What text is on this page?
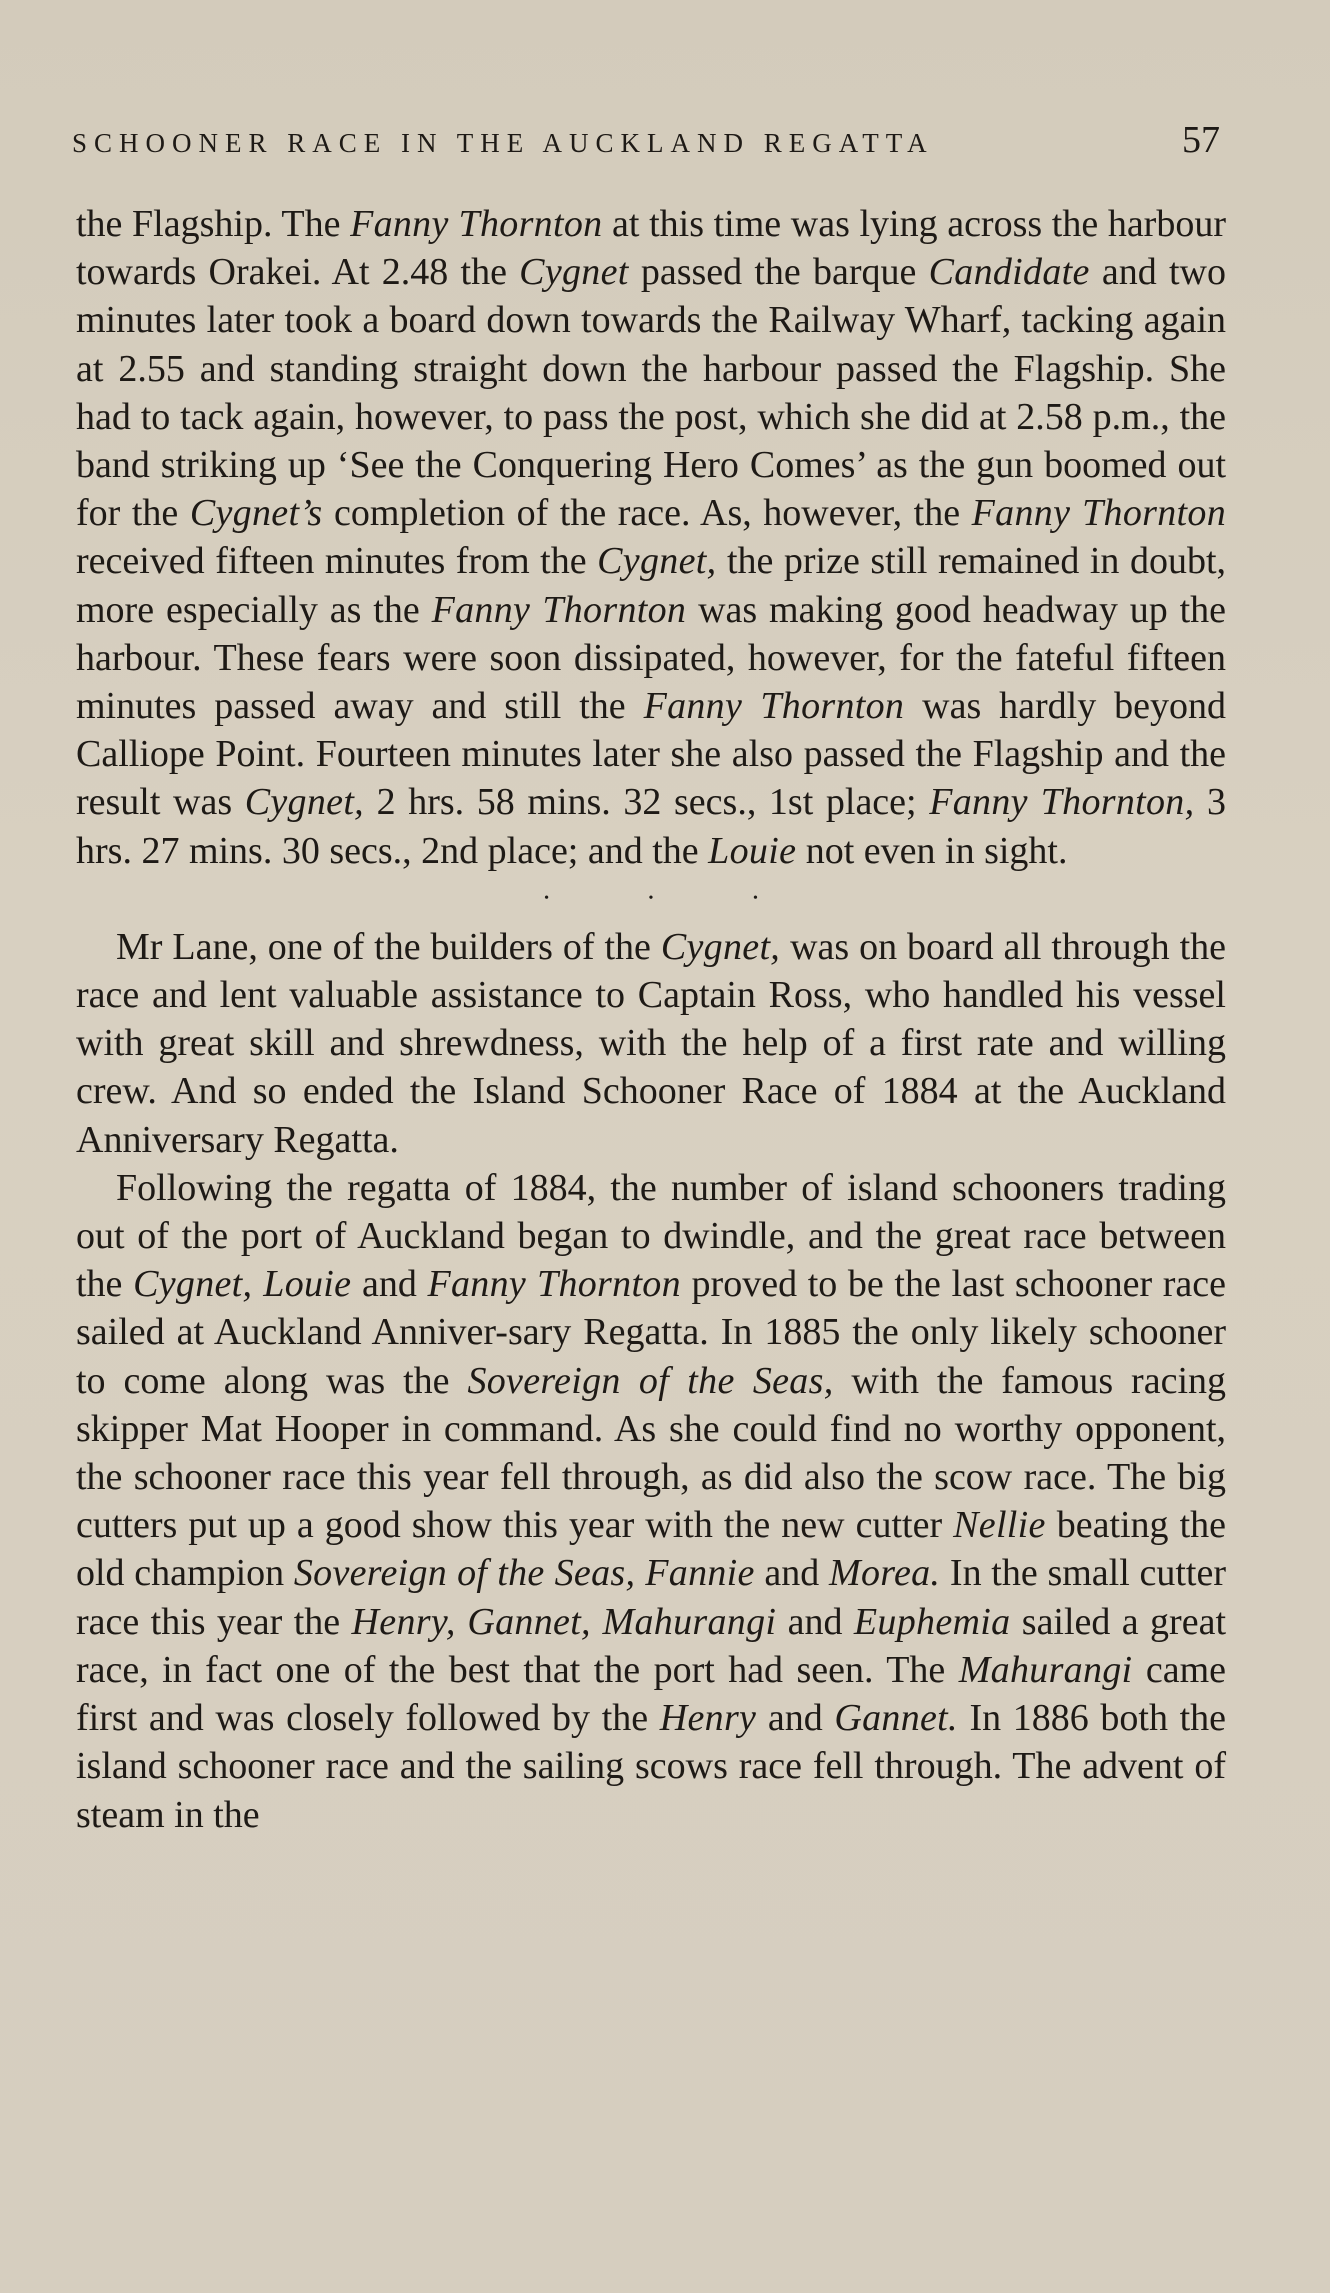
SCHOONER RACE IN THE AUCKLAND REGATTA	57

the Flagship. The Fanny Thornton at this time was lying across the harbour towards Orakei. At 2.48 the Cygnet passed the barque Candidate and two minutes later took a board down towards the Railway Wharf, tacking again at 2.55 and standing straight down the harbour passed the Flagship. She had to tack again, however, to pass the post, which she did at 2.58 p.m., the band striking up ‘See the Conquering Hero Comes’ as the gun boomed out for the Cygnet’s completion of the race. As, however, the Fanny Thornton received fifteen minutes from the Cygnet, the prize still remained in doubt, more especially as the Fanny Thornton was making good headway up the harbour. These fears were soon dissipated, however, for the fateful fifteen minutes passed away and still the Fanny Thornton was hardly beyond Calliope Point. Fourteen minutes later she also passed the Flagship and the result was Cygnet, 2 hrs. 58 mins. 32 secs., 1st place; Fanny Thornton, 3 hrs. 27 mins. 30 secs., 2nd place; and the Louie not even in sight.

• • •

Mr Lane, one of the builders of the Cygnet, was on board all through the race and lent valuable assistance to Captain Ross, who handled his vessel with great skill and shrewdness, with the help of a first rate and willing crew. And so ended the Island Schooner Race of 1884 at the Auckland Anniversary Regatta.

Following the regatta of 1884, the number of island schooners trading out of the port of Auckland began to dwindle, and the great race between the Cygnet, Louie and Fanny Thornton proved to be the last schooner race sailed at Auckland Anniver-sary Regatta. In 1885 the only likely schooner to come along was the Sovereign of the Seas, with the famous racing skipper Mat Hooper in command. As she could find no worthy opponent, the schooner race this year fell through, as did also the scow race. The big cutters put up a good show this year with the new cutter Nellie beating the old champion Sovereign of the Seas, Fannie and Morea. In the small cutter race this year the Henry, Gannet, Mahurangi and Euphemia sailed a great race, in fact one of the best that the port had seen. The Mahurangi came first and was closely followed by the Henry and Gannet. In 1886 both the island schooner race and the sailing scows race fell through. The advent of steam in the
